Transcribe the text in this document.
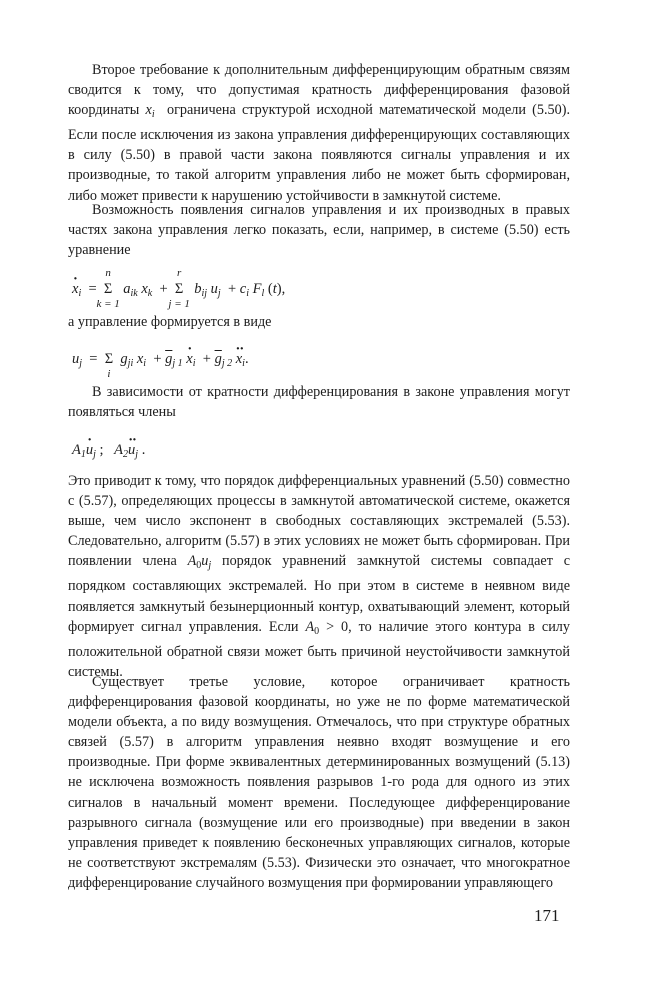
Второе требование к дополнительным дифференцирующим обратным связям сводится к тому, что допустимая кратность дифференцирования фазовой координаты $x_i$  ограничена структурой исходной математической модели (5.50). Если после исключения из закона управления дифференцирующих составляющих в силу (5.50) в правой части закона появляются сигналы управления и их производные, то такой алгоритм управления либо не может быть сформирован, либо может привести к нарушению устойчивости в замкнутой системе.
Возможность появления сигналов управления и их производных в правых частях закона управления легко показать, если, например, в системе (5.50) есть уравнение
· $x_i = \Sigma$
n
k = 1
$a_{ik}$ $x_k + \Sigma$
r
j = 1
$b_{ij}$ $u_j + c_i$ $F_l$ (t),
а управление формируется в виде
$u_j = \Sigma$
i
$g_{ji}$ $x_i + \overline{g}_{j 1} \cdot x_i + \overline{g}_{j 2} \cdot\cdot x_i$.
В зависимости от кратности дифференцирования в законе управления могут появляться члены
$A_1\cdot u_j$ ;   $A_2\cdot\cdot u_j$ .
Это приводит к тому, что порядок дифференциальных уравнений (5.50) совместно с (5.57), определяющих процессы в замкнутой автоматической системе, окажется выше, чем число экспонент в свободных составляющих экстремалей (5.53). Следовательно, алгоритм (5.57) в этих условиях не может быть сформирован. При появлении члена $A_0u_j$ порядок уравнений замкнутой системы совпадает с порядком составляющих экстремалей. Но при этом в системе в неявном виде появляется замкнутый безынерционный контур, охватывающий элемент, который формирует сигнал управления. Если $A_0 > 0$, то наличие этого контура в силу положительной обратной связи может быть причиной неустойчивости замкнутой системы.
Существует третье условие, которое ограничивает кратность дифференцирования фазовой координаты, но уже не по форме математической модели объекта, а по виду возмущения. Отмечалось, что при структуре обратных связей (5.57) в алгоритм управления неявно входят возмущение и его производные. При форме эквивалентных детерминированных возмущений (5.13) не исключена возможность появления разрывов 1-го рода для одного из этих сигналов в начальный момент времени. Последующее дифференцирование разрывного сигнала (возмущение или его производные) при введении в закон управления приведет к появлению бесконечных управляющих сигналов, которые не соответствуют экстремалям (5.53). Физически это означает, что многократное дифференцирование случайного возмущения при формировании управляющего
171
